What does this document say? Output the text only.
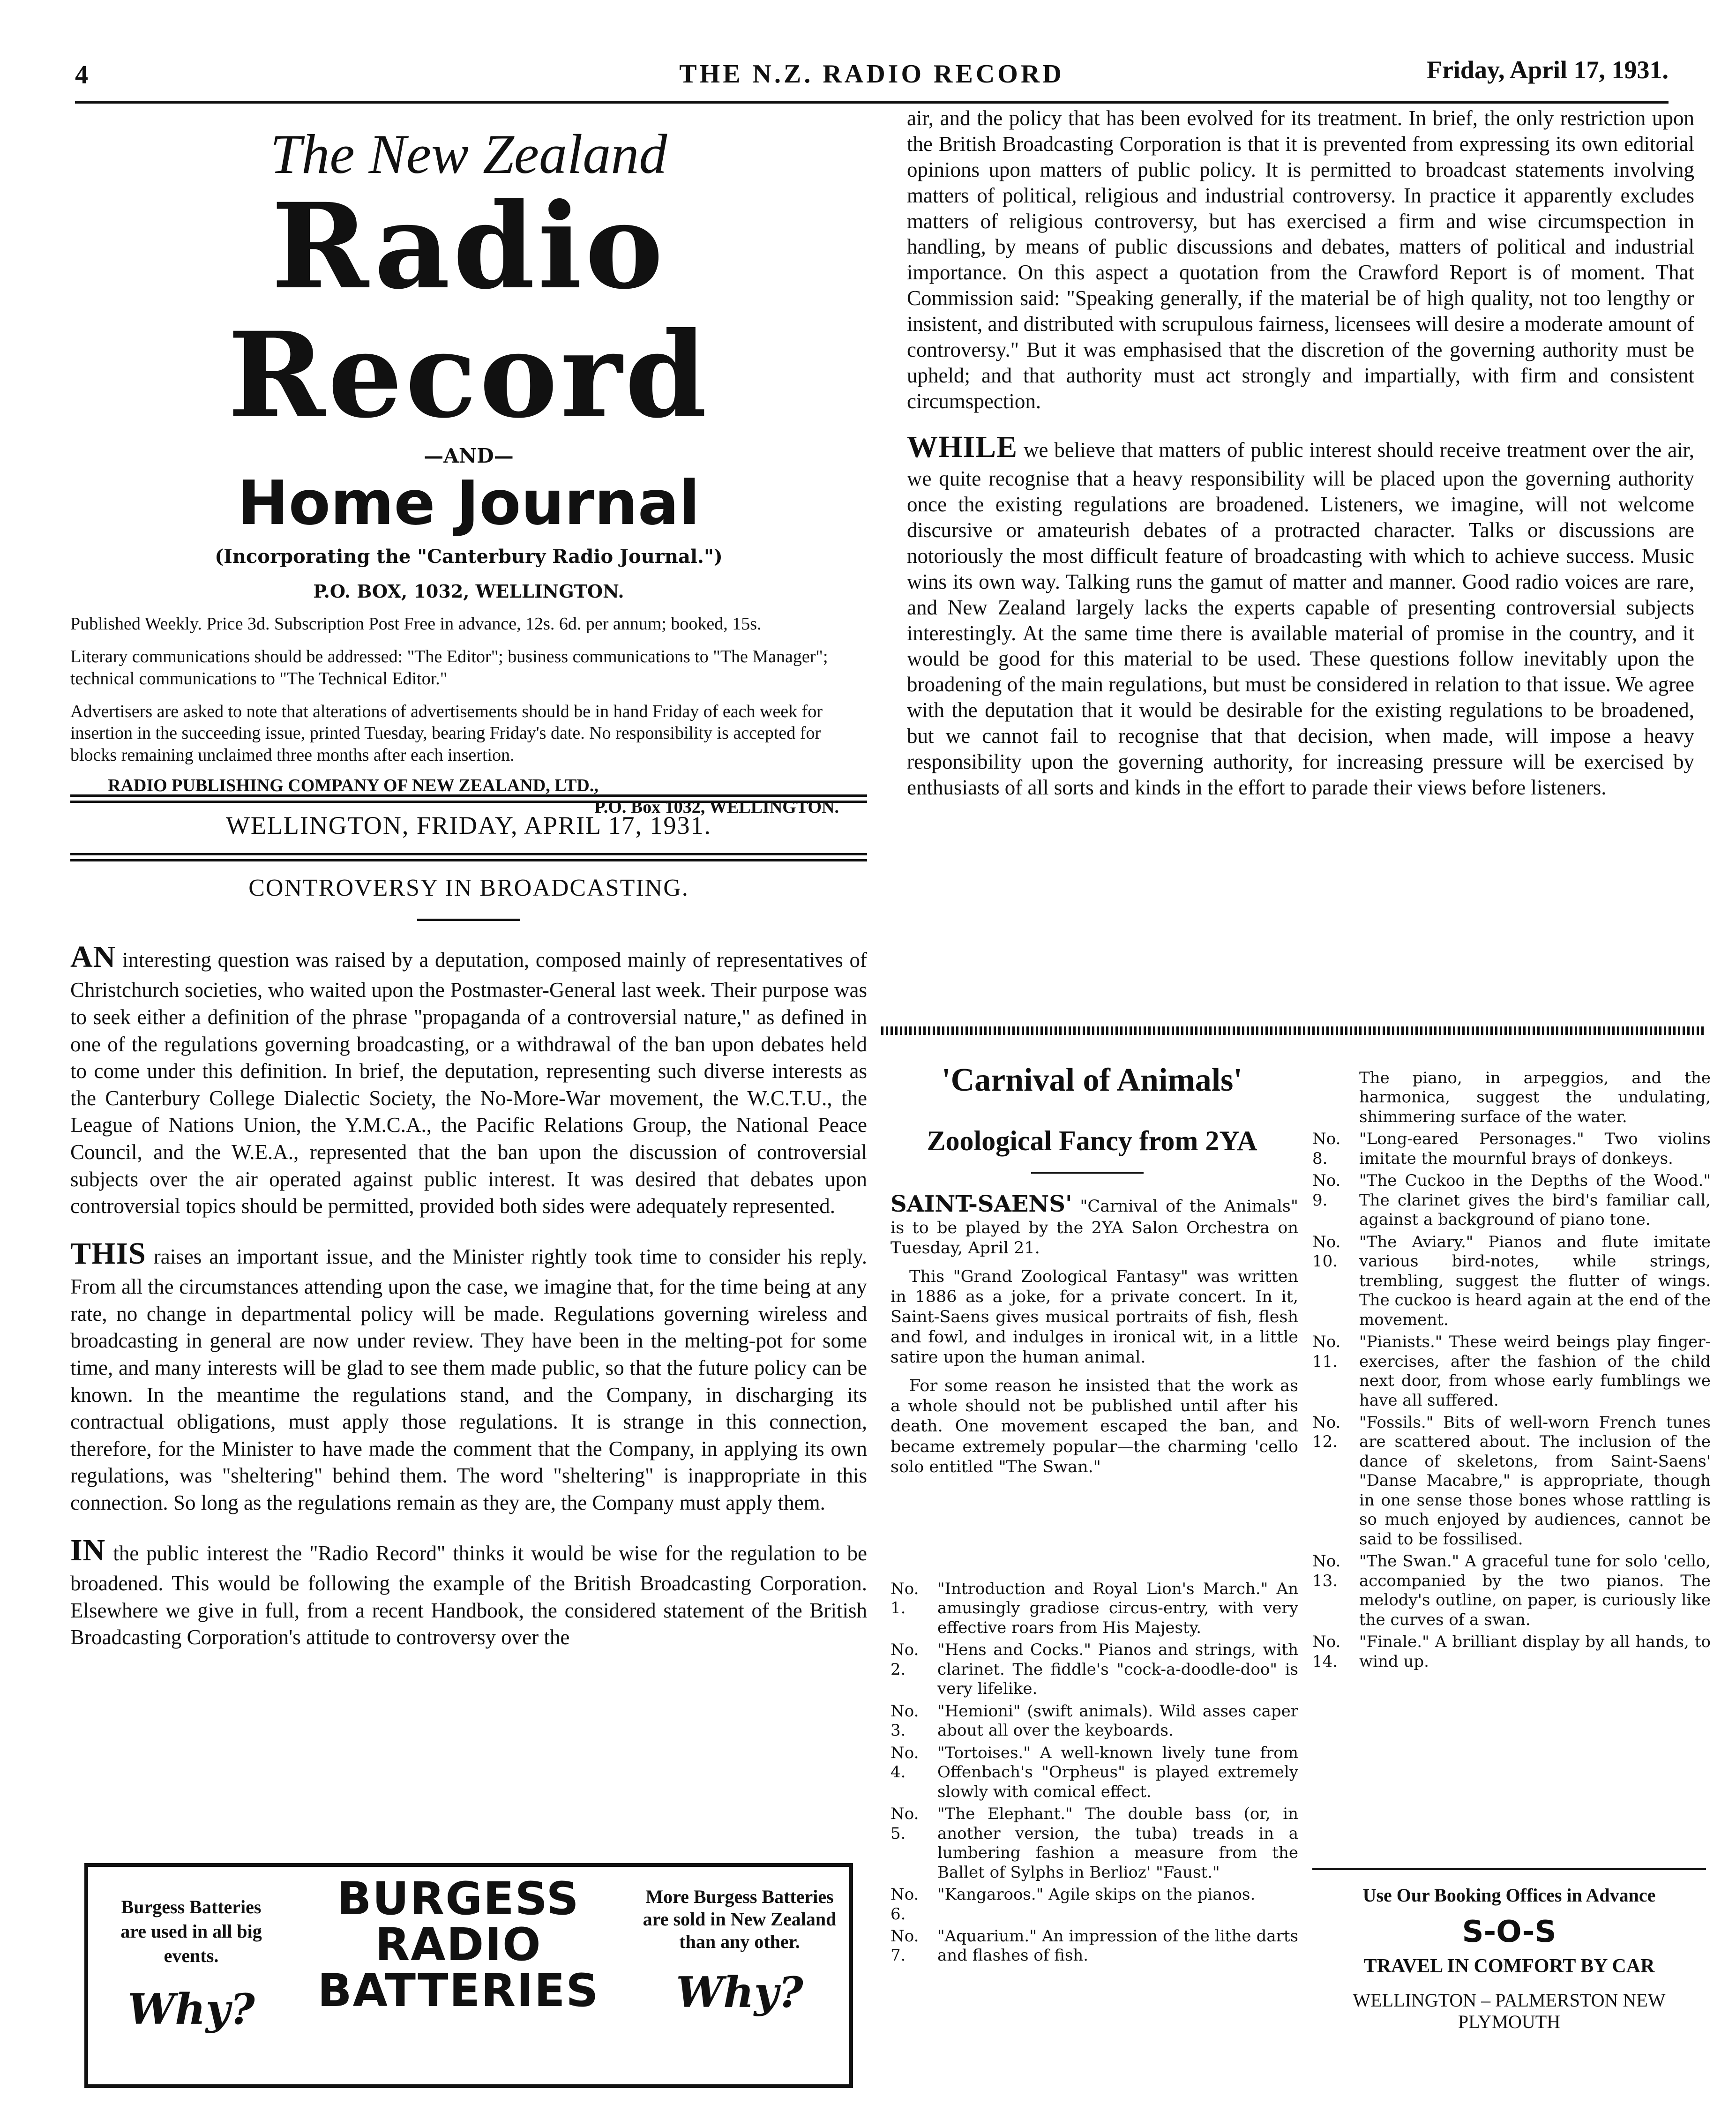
4	THE N.Z. RADIO RECORD	Friday, April 17, 1931.
The New Zealand
Radio Record
—AND—
Home Journal
(Incorporating the "Canterbury Radio Journal.")
P.O. BOX, 1032, WELLINGTON.
Published Weekly. Price 3d. Subscription Post Free in advance, 12s. 6d. per annum; booked, 15s.
Literary communications should be addressed: "The Editor"; business communications to "The Manager"; technical communications to "The Technical Editor."
Advertisers are asked to note that alterations of advertisements should be in hand Friday of each week for insertion in the succeeding issue, printed Tuesday, bearing Friday's date. No responsibility is accepted for blocks remaining unclaimed three months after each insertion.
RADIO PUBLISHING COMPANY OF NEW ZEALAND, LTD.,
P.O. Box 1032, WELLINGTON.
WELLINGTON, FRIDAY, APRIL 17, 1931.
CONTROVERSY IN BROADCASTING.

AN interesting question was raised by a deputation, composed mainly of representatives of Christchurch societies, who waited upon the Postmaster-General last week. Their purpose was to seek either a definition of the phrase "propaganda of a controversial nature," as defined in one of the regulations governing broadcasting, or a withdrawal of the ban upon debates held to come under this definition. In brief, the deputation, representing such diverse interests as the Canterbury College Dialectic Society, the No-More-War movement, the W.C.T.U., the League of Nations Union, the Y.M.C.A., the Pacific Relations Group, the National Peace Council, and the W.E.A., represented that the ban upon the discussion of controversial subjects over the air operated against public interest. It was desired that debates upon controversial topics should be permitted, provided both sides were adequately represented.

THIS raises an important issue, and the Minister rightly took time to consider his reply. From all the circumstances attending upon the case, we imagine that, for the time being at any rate, no change in departmental policy will be made. Regulations governing wireless and broadcasting in general are now under review. They have been in the melting-pot for some time, and many interests will be glad to see them made public, so that the future policy can be known. In the meantime the regulations stand, and the Company, in discharging its contractual obligations, must apply those regulations. It is strange in this connection, therefore, for the Minister to have made the comment that the Company, in applying its own regulations, was "sheltering" behind them. The word "sheltering" is inappropriate in this connection. So long as the regulations remain as they are, the Company must apply them.

IN the public interest the "Radio Record" thinks it would be wise for the regulation to be broadened. This would be following the example of the British Broadcasting Corporation. Elsewhere we give in full, from a recent Handbook, the considered statement of the British Broadcasting Corporation's attitude to controversy over the

air, and the policy that has been evolved for its treatment. In brief, the only restriction upon the British Broadcasting Corporation is that it is prevented from expressing its own editorial opinions upon matters of public policy. It is permitted to broadcast statements involving matters of political, religious and industrial controversy. In practice it apparently excludes matters of religious controversy, but has exercised a firm and wise circumspection in handling, by means of public discussions and debates, matters of political and industrial importance. On this aspect a quotation from the Crawford Report is of moment. That Commission said: "Speaking generally, if the material be of high quality, not too lengthy or insistent, and distributed with scrupulous fairness, licensees will desire a moderate amount of controversy." But it was emphasised that the discretion of the governing authority must be upheld; and that authority must act strongly and impartially, with firm and consistent circumspection.

WHILE we believe that matters of public interest should receive treatment over the air, we quite recognise that a heavy responsibility will be placed upon the governing authority once the existing regulations are broadened. Listeners, we imagine, will not welcome discursive or amateurish debates of a protracted character. Talks or discussions are notoriously the most difficult feature of broadcasting with which to achieve success. Music wins its own way. Talking runs the gamut of matter and manner. Good radio voices are rare, and New Zealand largely lacks the experts capable of presenting controversial subjects interestingly. At the same time there is available material of promise in the country, and it would be good for this material to be used. These questions follow inevitably upon the broadening of the main regulations, but must be considered in relation to that issue. We agree with the deputation that it would be desirable for the existing regulations to be broadened, but we cannot fail to recognise that that decision, when made, will impose a heavy responsibility upon the governing authority, for increasing pressure will be exercised by enthusiasts of all sorts and kinds in the effort to parade their views before listeners.

'Carnival of Animals'
Zoological Fancy from 2YA

SAINT-SAENS' "Carnival of the Animals" is to be played by the 2YA Salon Orchestra on Tuesday, April 21.

This "Grand Zoological Fantasy" was written in 1886 as a joke, for a private concert. In it, Saint-Saens gives musical portraits of fish, flesh and fowl, and indulges in ironical wit, in a little satire upon the human animal.

For some reason he insisted that the work as a whole should not be published until after his death. One movement escaped the ban, and became extremely popular—the charming 'cello solo entitled "The Swan."

No. 1.
"Introduction and Royal Lion's March." An amusingly gradiose circus-entry, with very effective roars from His Majesty.
No. 2.
"Hens and Cocks." Pianos and strings, with clarinet. The fiddle's "cock-a-doodle-doo" is very lifelike.
No. 3.
"Hemioni" (swift animals). Wild asses caper about all over the keyboards.
No. 4.
"Tortoises." A well-known lively tune from Offenbach's "Orpheus" is played extremely slowly with comical effect.
No. 5.
"The Elephant." The double bass (or, in another version, the tuba) treads in a lumbering fashion a measure from the Ballet of Sylphs in Berlioz' "Faust."
No. 6.
"Kangaroos." Agile skips on the pianos.
No. 7.
"Aquarium." An impression of the lithe darts and flashes of fish.
The piano, in arpeggios, and the harmonica, suggest the undulating, shimmering surface of the water.
No. 8.
"Long-eared Personages." Two violins imitate the mournful brays of donkeys.
No. 9.
"The Cuckoo in the Depths of the Wood." The clarinet gives the bird's familiar call, against a background of piano tone.
No. 10.
"The Aviary." Pianos and flute imitate various bird-notes, while strings, trembling, suggest the flutter of wings. The cuckoo is heard again at the end of the movement.
No. 11.
"Pianists." These weird beings play finger-exercises, after the fashion of the child next door, from whose early fumblings we have all suffered.
No. 12.
"Fossils." Bits of well-worn French tunes are scattered about. The inclusion of the dance of skeletons, from Saint-Saens' "Danse Macabre," is appropriate, though in one sense those bones whose rattling is so much enjoyed by audiences, cannot be said to be fossilised.
No. 13.
"The Swan." A graceful tune for solo 'cello, accompanied by the two pianos. The melody's outline, on paper, is curiously like the curves of a swan.
No. 14.
"Finale." A brilliant display by all hands, to wind up.
Use Our Booking Offices in Advance
S-O-S
TRAVEL IN COMFORT BY CAR
WELLINGTON – PALMERSTON NEW PLYMOUTH
Burgess Batteries are used in all big events.
Why?
BURGESS
RADIO
BATTERIES
More Burgess Batteries are sold in New Zealand than any other.
Why?
